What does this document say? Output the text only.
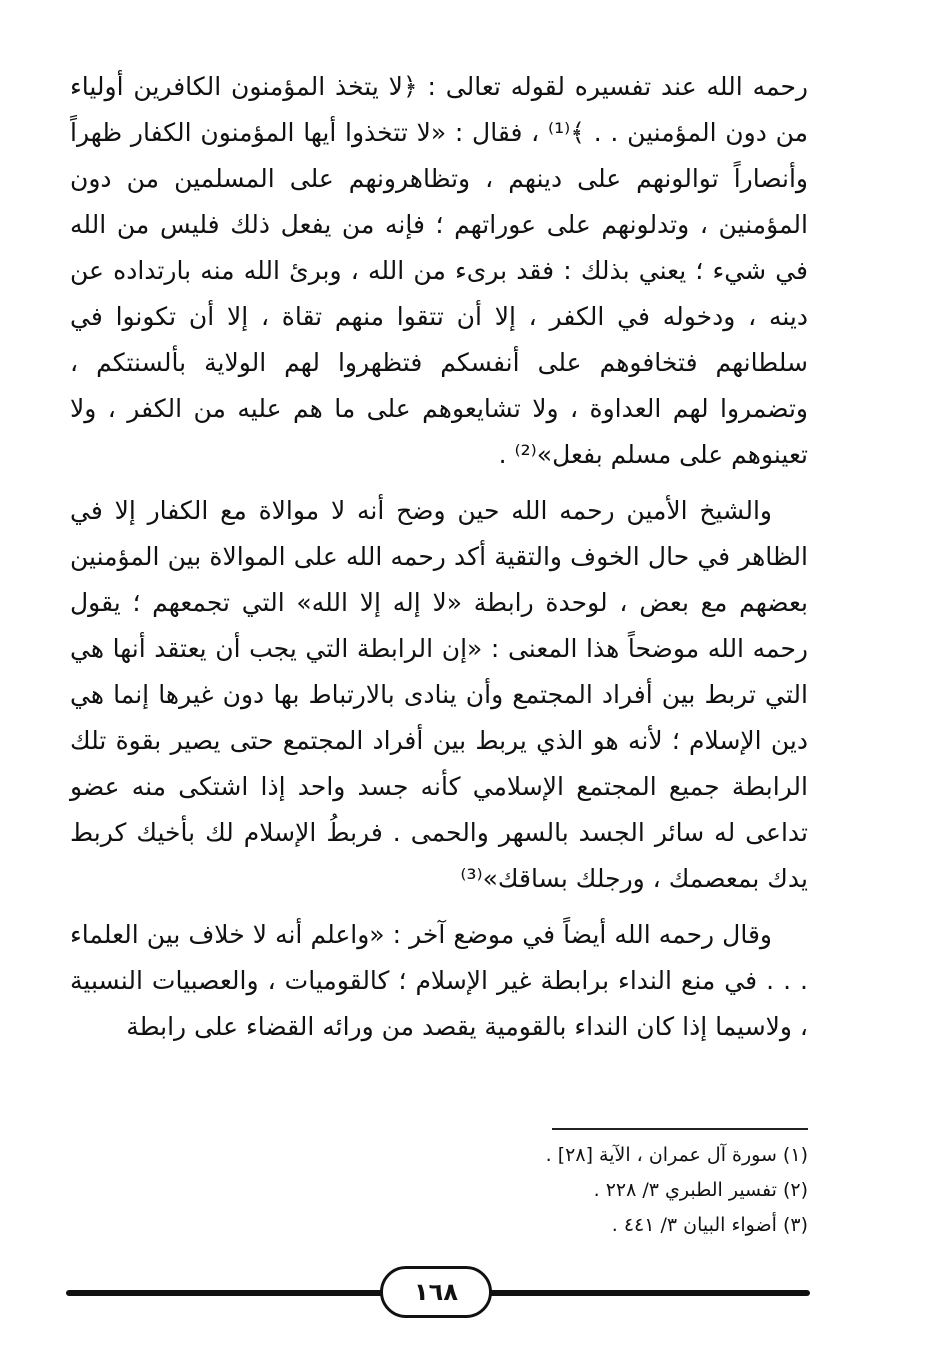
رحمه الله عند تفسيره لقوله تعالى : ﴿لا يتخذ المؤمنون الكافرين أولياء من دون المؤمنين . . ﴾⁽¹⁾ ، فقال : «لا تتخذوا أيها المؤمنون الكفار ظهراً وأنصاراً توالونهم على دينهم ، وتظاهرونهم على المسلمين من دون المؤمنين ، وتدلونهم على عوراتهم ؛ فإنه من يفعل ذلك فليس من الله في شيء ؛ يعني بذلك : فقد برىء من الله ، وبرئ الله منه بارتداده عن دينه ، ودخوله في الكفر ، إلا أن تتقوا منهم تقاة ، إلا أن تكونوا في سلطانهم فتخافوهم على أنفسكم فتظهروا لهم الولاية بألسنتكم ، وتضمروا لهم العداوة ، ولا تشايعوهم على ما هم عليه من الكفر ، ولا تعينوهم على مسلم بفعل»⁽²⁾ .

والشيخ الأمين رحمه الله حين وضح أنه لا موالاة مع الكفار إلا في الظاهر في حال الخوف والتقية أكد رحمه الله على الموالاة بين المؤمنين بعضهم مع بعض ، لوحدة رابطة «لا إله إلا الله» التي تجمعهم ؛ يقول رحمه الله موضحاً هذا المعنى : «إن الرابطة التي يجب أن يعتقد أنها هي التي تربط بين أفراد المجتمع وأن ينادى بالارتباط بها دون غيرها إنما هي دين الإسلام ؛ لأنه هو الذي يربط بين أفراد المجتمع حتى يصير بقوة تلك الرابطة جميع المجتمع الإسلامي كأنه جسد واحد إذا اشتكى منه عضو تداعى له سائر الجسد بالسهر والحمى . فربطُ الإسلام لك بأخيك كربط يدك بمعصمك ، ورجلك بساقك»⁽³⁾

وقال رحمه الله أيضاً في موضع آخر : «واعلم أنه لا خلاف بين العلماء . . . في منع النداء برابطة غير الإسلام ؛ كالقوميات ، والعصبيات النسبية ، ولاسيما إذا كان النداء بالقومية يقصد من ورائه القضاء على رابطة

(١) سورة آل عمران ، الآية [٢٨] .

(٢) تفسير الطبري ٣/ ٢٢٨ .

(٣) أضواء البيان ٣/ ٤٤١ .

١٦٨
